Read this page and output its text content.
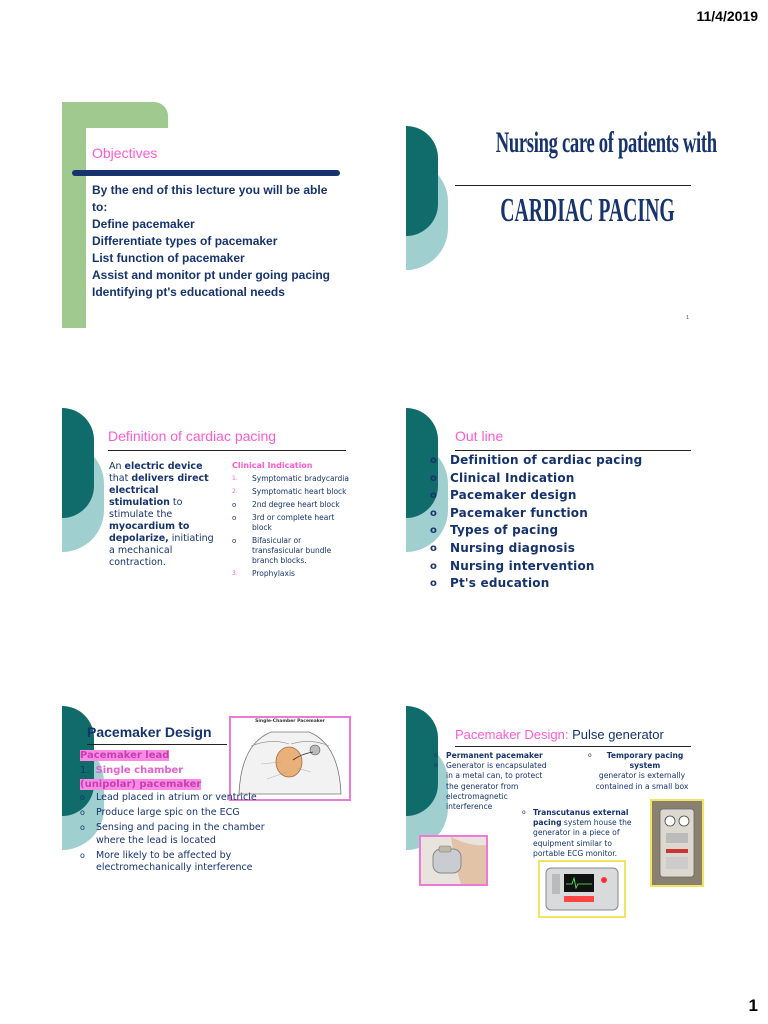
11/4/2019
1
Objectives
By the end of this lecture you will be able to:
Define pacemaker
Differentiate types of pacemaker
List function of pacemaker
Assist and monitor pt under going pacing
Identifying pt's educational needs
Nursing care of patients with
CARDIAC PACING
1
Definition of cardiac pacing
An electric device that delivers direct electrical stimulation to stimulate the myocardium to depolarize, initiating a mechanical contraction.
Clinical Indication
1.	Symptomatic bradycardia
2.	Symptomatic heart block
o	2nd degree heart block
o	3rd or complete heart block
o	Bifasicular or transfasicular bundle branch blocks.
3.	Prophylaxis
Out line
o	Definition of cardiac pacing
o	Clinical Indication
o	Pacemaker design
o	Pacemaker function
o	Types of pacing
o	Nursing diagnosis
o	Nursing intervention
o	Pt's education
Pacemaker Design
Single-Chamber Pacemaker
Pacemaker lead
1. Single chamber
(unipolar) pacemaker
o	Lead placed in atrium or ventricle
o	Produce large spic on the ECG
o	Sensing and pacing in the chamber where the lead is located
o	More likely to be affected by electromechanically interference
Pacemaker Design: Pulse generator
o	Permanent pacemaker
o	Generator is encapsulated in a metal can, to protect the generator from electromagnetic interference
o	Temporary pacing system
generator is externally contained in a small box
o Transcutanus external pacing system house the generator in a piece of equipment similar to portable ECG monitor.
